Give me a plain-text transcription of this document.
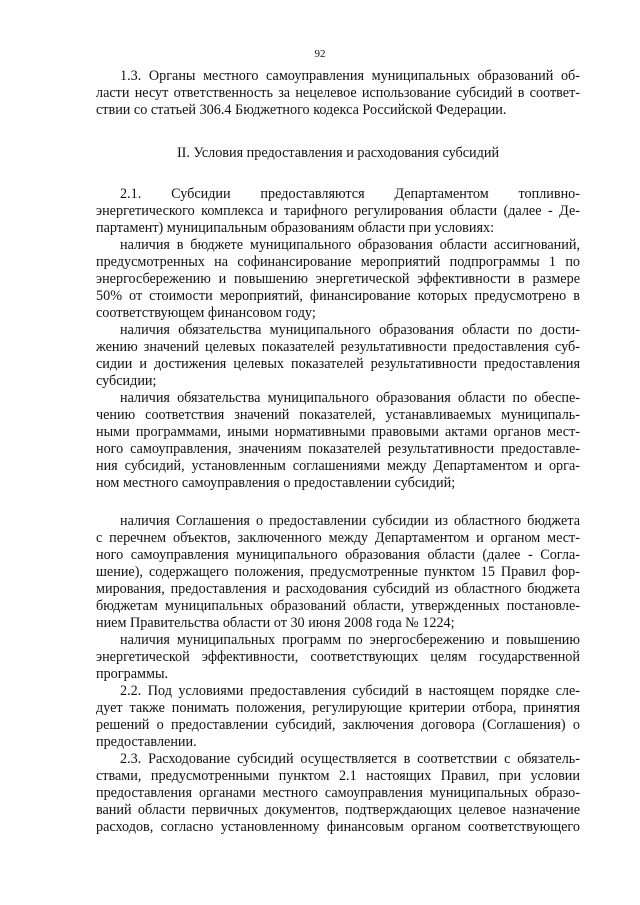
92
1.3. Органы местного самоуправления муниципальных образований об-
ласти несут ответственность за нецелевое использование субсидий в соответ-
ствии со статьей 306.4 Бюджетного кодекса Российской Федерации.
II. Условия предоставления и расходования субсидий
2.1. Субсидии предоставляются Департаментом топливно-
энергетического комплекса и тарифного регулирования области (далее - Де-
партамент) муниципальным образованиям области при условиях:
наличия в бюджете муниципального образования области ассигнований,
предусмотренных на софинансирование мероприятий подпрограммы 1 по
энергосбережению и повышению энергетической эффективности в размере
50% от стоимости мероприятий, финансирование которых предусмотрено в
соответствующем финансовом году;
наличия обязательства муниципального образования области по дости-
жению значений целевых показателей результативности предоставления суб-
сидии и достижения целевых показателей результативности предоставления
субсидии;
наличия обязательства муниципального образования области по обеспе-
чению соответствия значений показателей, устанавливаемых муниципаль-
ными программами, иными нормативными правовыми актами органов мест-
ного самоуправления, значениям показателей результативности предоставле-
ния субсидий, установленным соглашениями между Департаментом и орга-
ном местного самоуправления о предоставлении субсидий;
наличия Соглашения о предоставлении субсидии из областного бюджета
с перечнем объектов, заключенного между Департаментом и органом мест-
ного самоуправления муниципального образования области (далее - Согла-
шение), содержащего положения, предусмотренные пунктом 15 Правил фор-
мирования, предоставления и расходования субсидий из областного бюджета
бюджетам муниципальных образований области, утвержденных постановле-
нием Правительства области от 30 июня 2008 года № 1224;
наличия муниципальных программ по энергосбережению и повышению
энергетической эффективности, соответствующих целям государственной
программы.
2.2. Под условиями предоставления субсидий в настоящем порядке сле-
дует также понимать положения, регулирующие критерии отбора, принятия
решений о предоставлении субсидий, заключения договора (Соглашения) о
предоставлении.
2.3. Расходование субсидий осуществляется в соответствии с обязатель-
ствами, предусмотренными пунктом 2.1 настоящих Правил, при условии
предоставления органами местного самоуправления муниципальных образо-
ваний области первичных документов, подтверждающих целевое назначение
расходов, согласно установленному финансовым органом соответствующего
